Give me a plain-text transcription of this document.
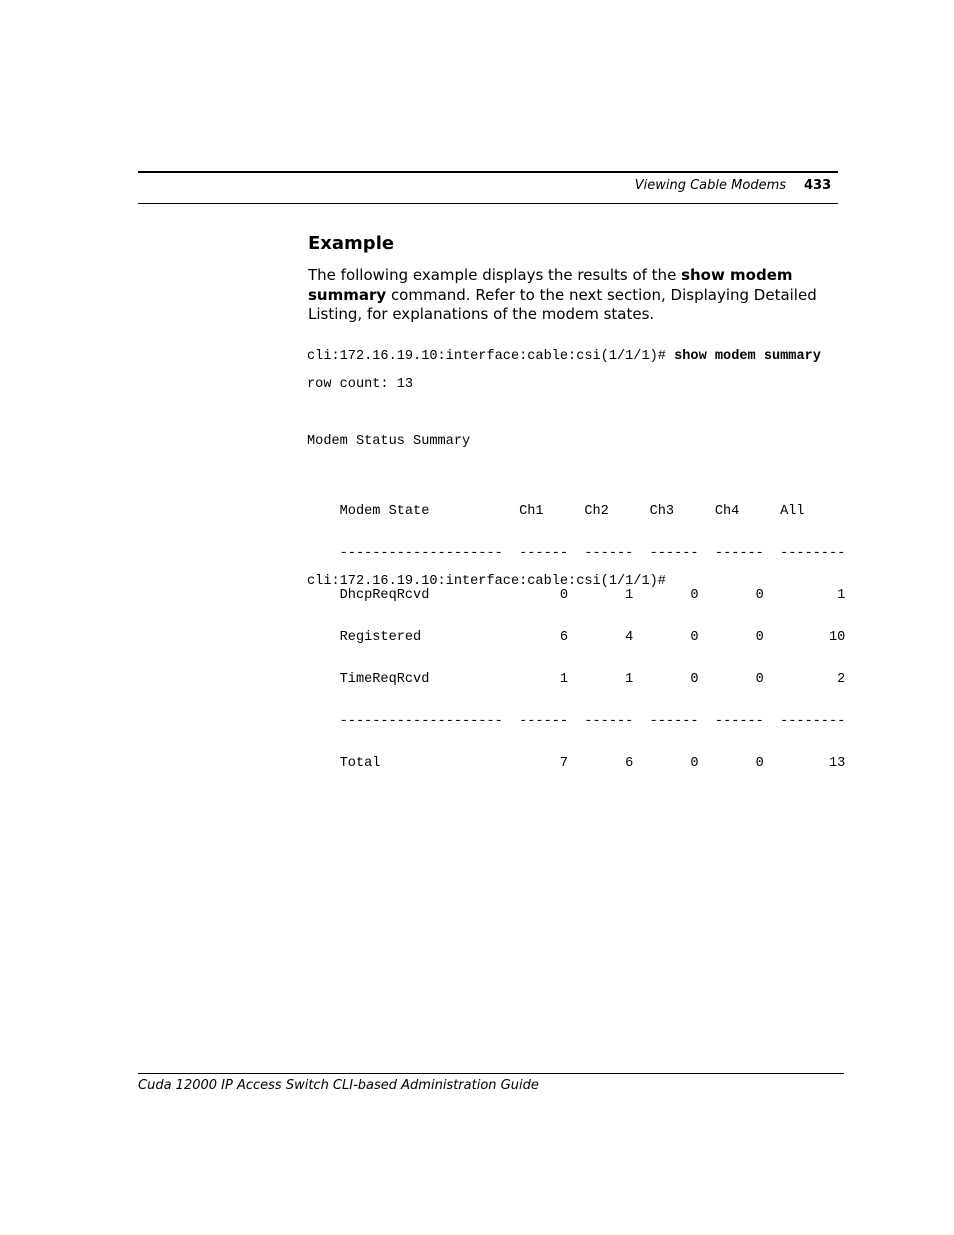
Viewing Cable Modems 433
Example

The following example displays the results of the show modem summary command. Refer to the next section, Displaying Detailed Listing, for explanations of the modem states.

cli:172.16.19.10:interface:cable:csi(1/1/1)# show modem summary
row count: 13
Modem Status Summary

Modem State	Ch1	Ch2	Ch3	Ch4	All

-------------------- ------ ------ ------ ------ --------

DhcpReqRcvd	0	1	0	0	1

Registered	6	4	0	0	10

TimeReqRcvd	1	1	0	0	2

-------------------- ------ ------ ------ ------ --------

Total	7	6	0	0	13

cli:172.16.19.10:interface:cable:csi(1/1/1)#
Cuda 12000 IP Access Switch CLI-based Administration Guide
